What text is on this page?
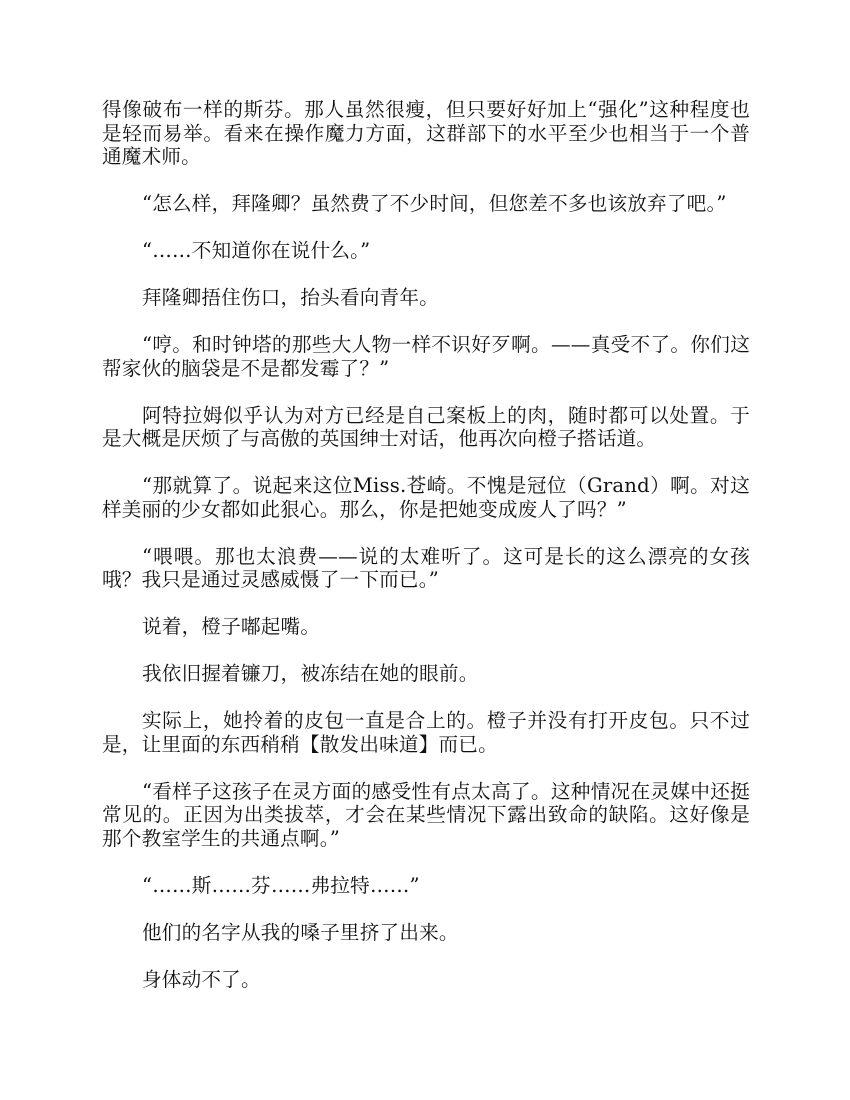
得像破布一样的斯芬。那人虽然很瘦，但只要好好加上“强化”这种程度也是轻而易举。看来在操作魔力方面，这群部下的水平至少也相当于一个普通魔术师。

“怎么样，拜隆卿？虽然费了不少时间，但您差不多也该放弃了吧。”

“……不知道你在说什么。”

拜隆卿捂住伤口，抬头看向青年。

“哼。和时钟塔的那些大人物一样不识好歹啊。——真受不了。你们这帮家伙的脑袋是不是都发霉了？”

阿特拉姆似乎认为对方已经是自己案板上的肉，随时都可以处置。于是大概是厌烦了与高傲的英国绅士对话，他再次向橙子搭话道。

“那就算了。说起来这位Miss.苍崎。不愧是冠位（Grand）啊。对这样美丽的少女都如此狠心。那么，你是把她变成废人了吗？”

“喂喂。那也太浪费——说的太难听了。这可是长的这么漂亮的女孩哦？我只是通过灵感威慑了一下而已。”

说着，橙子嘟起嘴。

我依旧握着镰刀，被冻结在她的眼前。

实际上，她拎着的皮包一直是合上的。橙子并没有打开皮包。只不过是，让里面的东西稍稍【散发出味道】而已。

“看样子这孩子在灵方面的感受性有点太高了。这种情况在灵媒中还挺常见的。正因为出类拔萃，才会在某些情况下露出致命的缺陷。这好像是那个教室学生的共通点啊。”

“……斯……芬……弗拉特……”

他们的名字从我的嗓子里挤了出来。

身体动不了。
